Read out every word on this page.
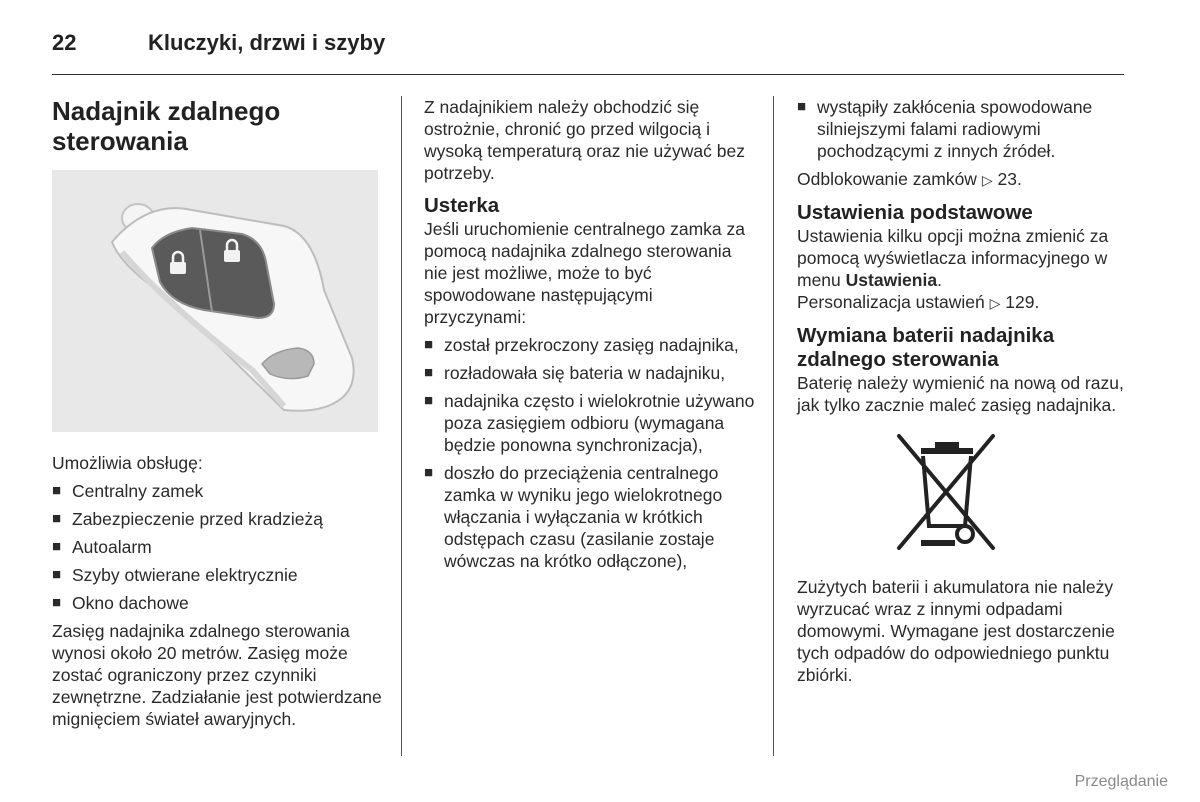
22	Kluczyki, drzwi i szyby
Nadajnik zdalnego sterowania

Umożliwia obsługę:

■ Centralny zamek
■ Zabezpieczenie przed kradzieżą
■ Autoalarm
■ Szyby otwierane elektrycznie
■ Okno dachowe

Zasięg nadajnika zdalnego sterowania wynosi około 20 metrów. Zasięg może zostać ograniczony przez czynniki zewnętrzne. Zadziałanie jest potwierdzane mignięciem świateł awaryjnych.

Z nadajnikiem należy obchodzić się ostrożnie, chronić go przed wilgocią i wysoką temperaturą oraz nie używać bez potrzeby.

Usterka

Jeśli uruchomienie centralnego zamka za pomocą nadajnika zdalnego sterowania nie jest możliwe, może to być spowodowane następującymi przyczynami:

■ został przekroczony zasięg nadajnika,
■ rozładowała się bateria w nadajniku,
■ nadajnika często i wielokrotnie używano poza zasięgiem odbioru (wymagana będzie ponowna synchronizacja),
■ doszło do przeciążenia centralnego zamka w wyniku jego wielokrotnego włączania i wyłączania w krótkich odstępach czasu (zasilanie zostaje wówczas na krótko odłączone),
■ wystąpiły zakłócenia spowodowane silniejszymi falami radiowymi pochodzącymi z innych źródeł.

Odblokowanie zamków ▷ 23.

Ustawienia podstawowe

Ustawienia kilku opcji można zmienić za pomocą wyświetlacza informacyjnego w menu Ustawienia.
Personalizacja ustawień ▷ 129.

Wymiana baterii nadajnika zdalnego sterowania

Baterię należy wymienić na nową od razu, jak tylko zacznie maleć zasięg nadajnika.

Zużytych baterii i akumulatora nie należy wyrzucać wraz z innymi odpadami domowymi. Wymagane jest dostarczenie tych odpadów do odpowiedniego punktu zbiórki.

Przeglądanie
